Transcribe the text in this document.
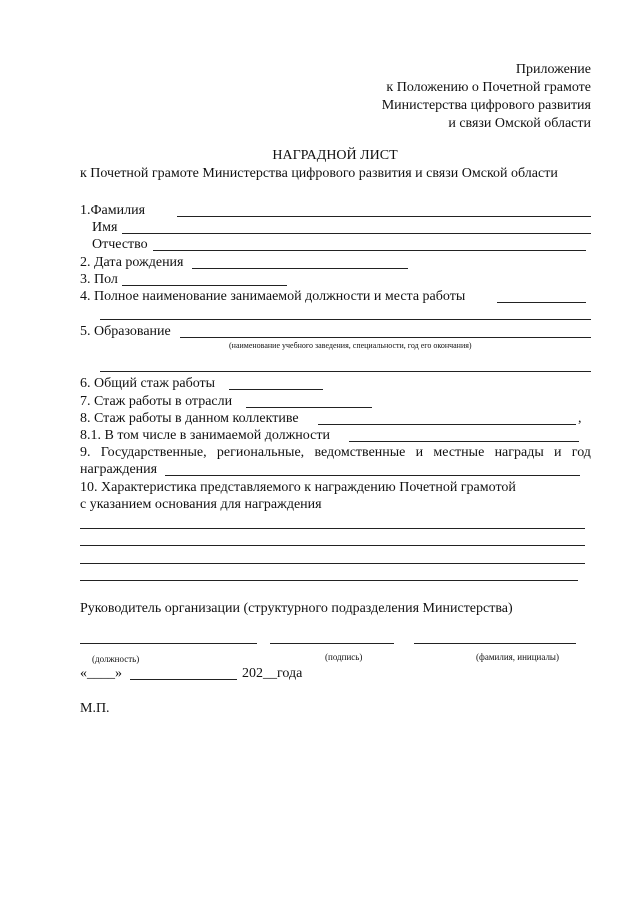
Приложение
к Положению о Почетной грамоте
Министерства цифрового развития
и связи Омской области
НАГРАДНОЙ ЛИСТ
к Почетной грамоте Министерства цифрового развития и связи Омской области
1.Фамилия
Имя
Отчество
2. Дата рождения
3. Пол
4. Полное наименование занимаемой должности и места работы
5. Образование
(наименование учебного заведения, специальности, год его окончания)
6. Общий стаж работы
7. Стаж работы в отрасли
8. Стаж работы в данном коллективе	,
8.1. В том числе в занимаемой должности
9. Государственные, региональные, ведомственные и местные награды и год
награждения
10. Характеристика представляемого к награждению Почетной грамотой
с указанием основания для награждения
Руководитель организации (структурного подразделения Министерства)
(должность)	(подпись)	(фамилия, инициалы)
«____»	202__года
М.П.
